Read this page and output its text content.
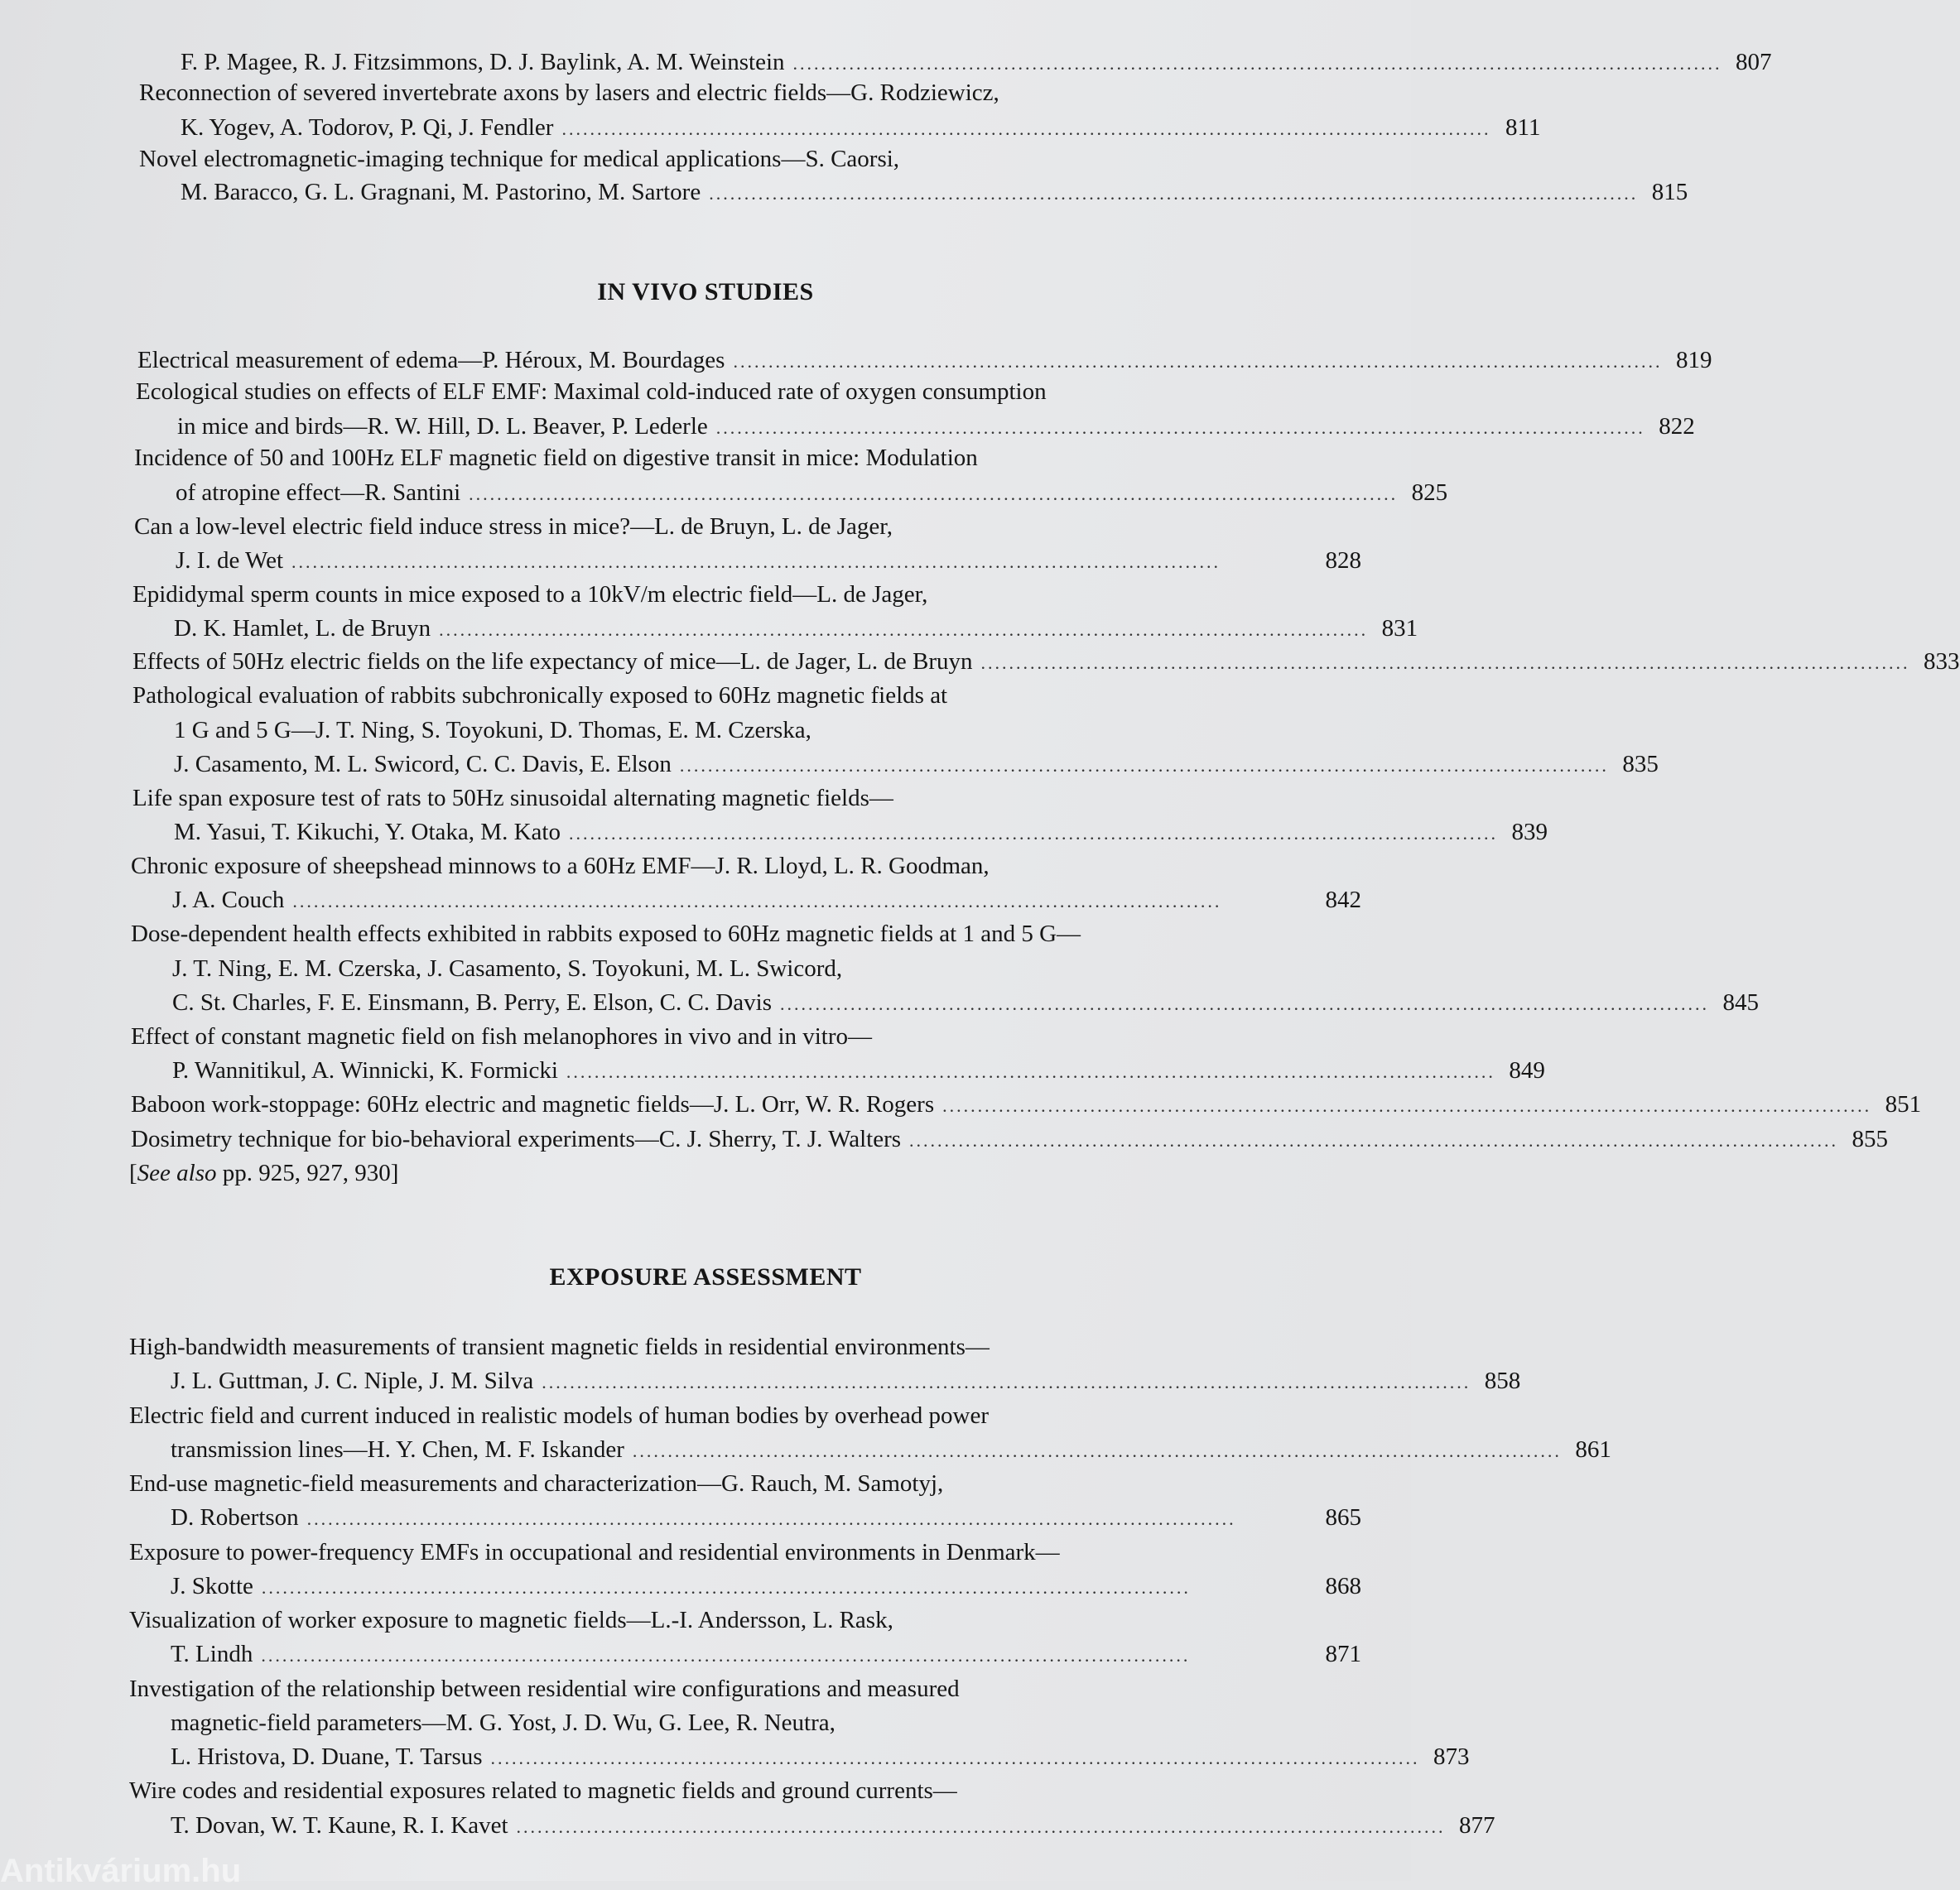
F. P. Magee, R. J. Fitzsimmons, D. J. Baylink, A. M. Weinstein .................................................................................................................................... 807
Reconnection of severed invertebrate axons by lasers and electric fields—G. Rodziewicz,
K. Yogev, A. Todorov, P. Qi, J. Fendler .................................................................................................................................... 811
Novel electromagnetic-imaging technique for medical applications—S. Caorsi,
M. Baracco, G. L. Gragnani, M. Pastorino, M. Sartore .................................................................................................................................... 815
IN VIVO STUDIES
Electrical measurement of edema—P. Héroux, M. Bourdages .................................................................................................................................... 819
Ecological studies on effects of ELF EMF: Maximal cold-induced rate of oxygen consumption
in mice and birds—R. W. Hill, D. L. Beaver, P. Lederle .................................................................................................................................... 822
Incidence of 50 and 100Hz ELF magnetic field on digestive transit in mice: Modulation
of atropine effect—R. Santini .................................................................................................................................... 825
Can a low-level electric field induce stress in mice?—L. de Bruyn, L. de Jager,
J. I. de Wet ....................................................................................................................................	828
Epididymal sperm counts in mice exposed to a 10kV/m electric field—L. de Jager,
D. K. Hamlet, L. de Bruyn .................................................................................................................................... 831
Effects of 50Hz electric fields on the life expectancy of mice—L. de Jager, L. de Bruyn .................................................................................................................................... 833
Pathological evaluation of rabbits subchronically exposed to 60Hz magnetic fields at
1 G and 5 G—J. T. Ning, S. Toyokuni, D. Thomas, E. M. Czerska,
J. Casamento, M. L. Swicord, C. C. Davis, E. Elson .................................................................................................................................... 835
Life span exposure test of rats to 50Hz sinusoidal alternating magnetic fields—
M. Yasui, T. Kikuchi, Y. Otaka, M. Kato .................................................................................................................................... 839
Chronic exposure of sheepshead minnows to a 60Hz EMF—J. R. Lloyd, L. R. Goodman,
J. A. Couch ....................................................................................................................................	842
Dose-dependent health effects exhibited in rabbits exposed to 60Hz magnetic fields at 1 and 5 G—
J. T. Ning, E. M. Czerska, J. Casamento, S. Toyokuni, M. L. Swicord,
C. St. Charles, F. E. Einsmann, B. Perry, E. Elson, C. C. Davis .................................................................................................................................... 845
Effect of constant magnetic field on fish melanophores in vivo and in vitro—
P. Wannitikul, A. Winnicki, K. Formicki .................................................................................................................................... 849
Baboon work-stoppage: 60Hz electric and magnetic fields—J. L. Orr, W. R. Rogers .................................................................................................................................... 851
Dosimetry technique for bio-behavioral experiments—C. J. Sherry, T. J. Walters .................................................................................................................................... 855
[See also pp. 925, 927, 930]
EXPOSURE ASSESSMENT
High-bandwidth measurements of transient magnetic fields in residential environments—
J. L. Guttman, J. C. Niple, J. M. Silva .................................................................................................................................... 858
Electric field and current induced in realistic models of human bodies by overhead power
transmission lines—H. Y. Chen, M. F. Iskander .................................................................................................................................... 861
End-use magnetic-field measurements and characterization—G. Rauch, M. Samotyj,
D. Robertson ....................................................................................................................................	865
Exposure to power-frequency EMFs in occupational and residential environments in Denmark—
J. Skotte ....................................................................................................................................	868
Visualization of worker exposure to magnetic fields—L.-I. Andersson, L. Rask,
T. Lindh ....................................................................................................................................	871
Investigation of the relationship between residential wire configurations and measured
magnetic-field parameters—M. G. Yost, J. D. Wu, G. Lee, R. Neutra,
L. Hristova, D. Duane, T. Tarsus .................................................................................................................................... 873
Wire codes and residential exposures related to magnetic fields and ground currents—
T. Dovan, W. T. Kaune, R. I. Kavet .................................................................................................................................... 877
Antikvárium.hu
